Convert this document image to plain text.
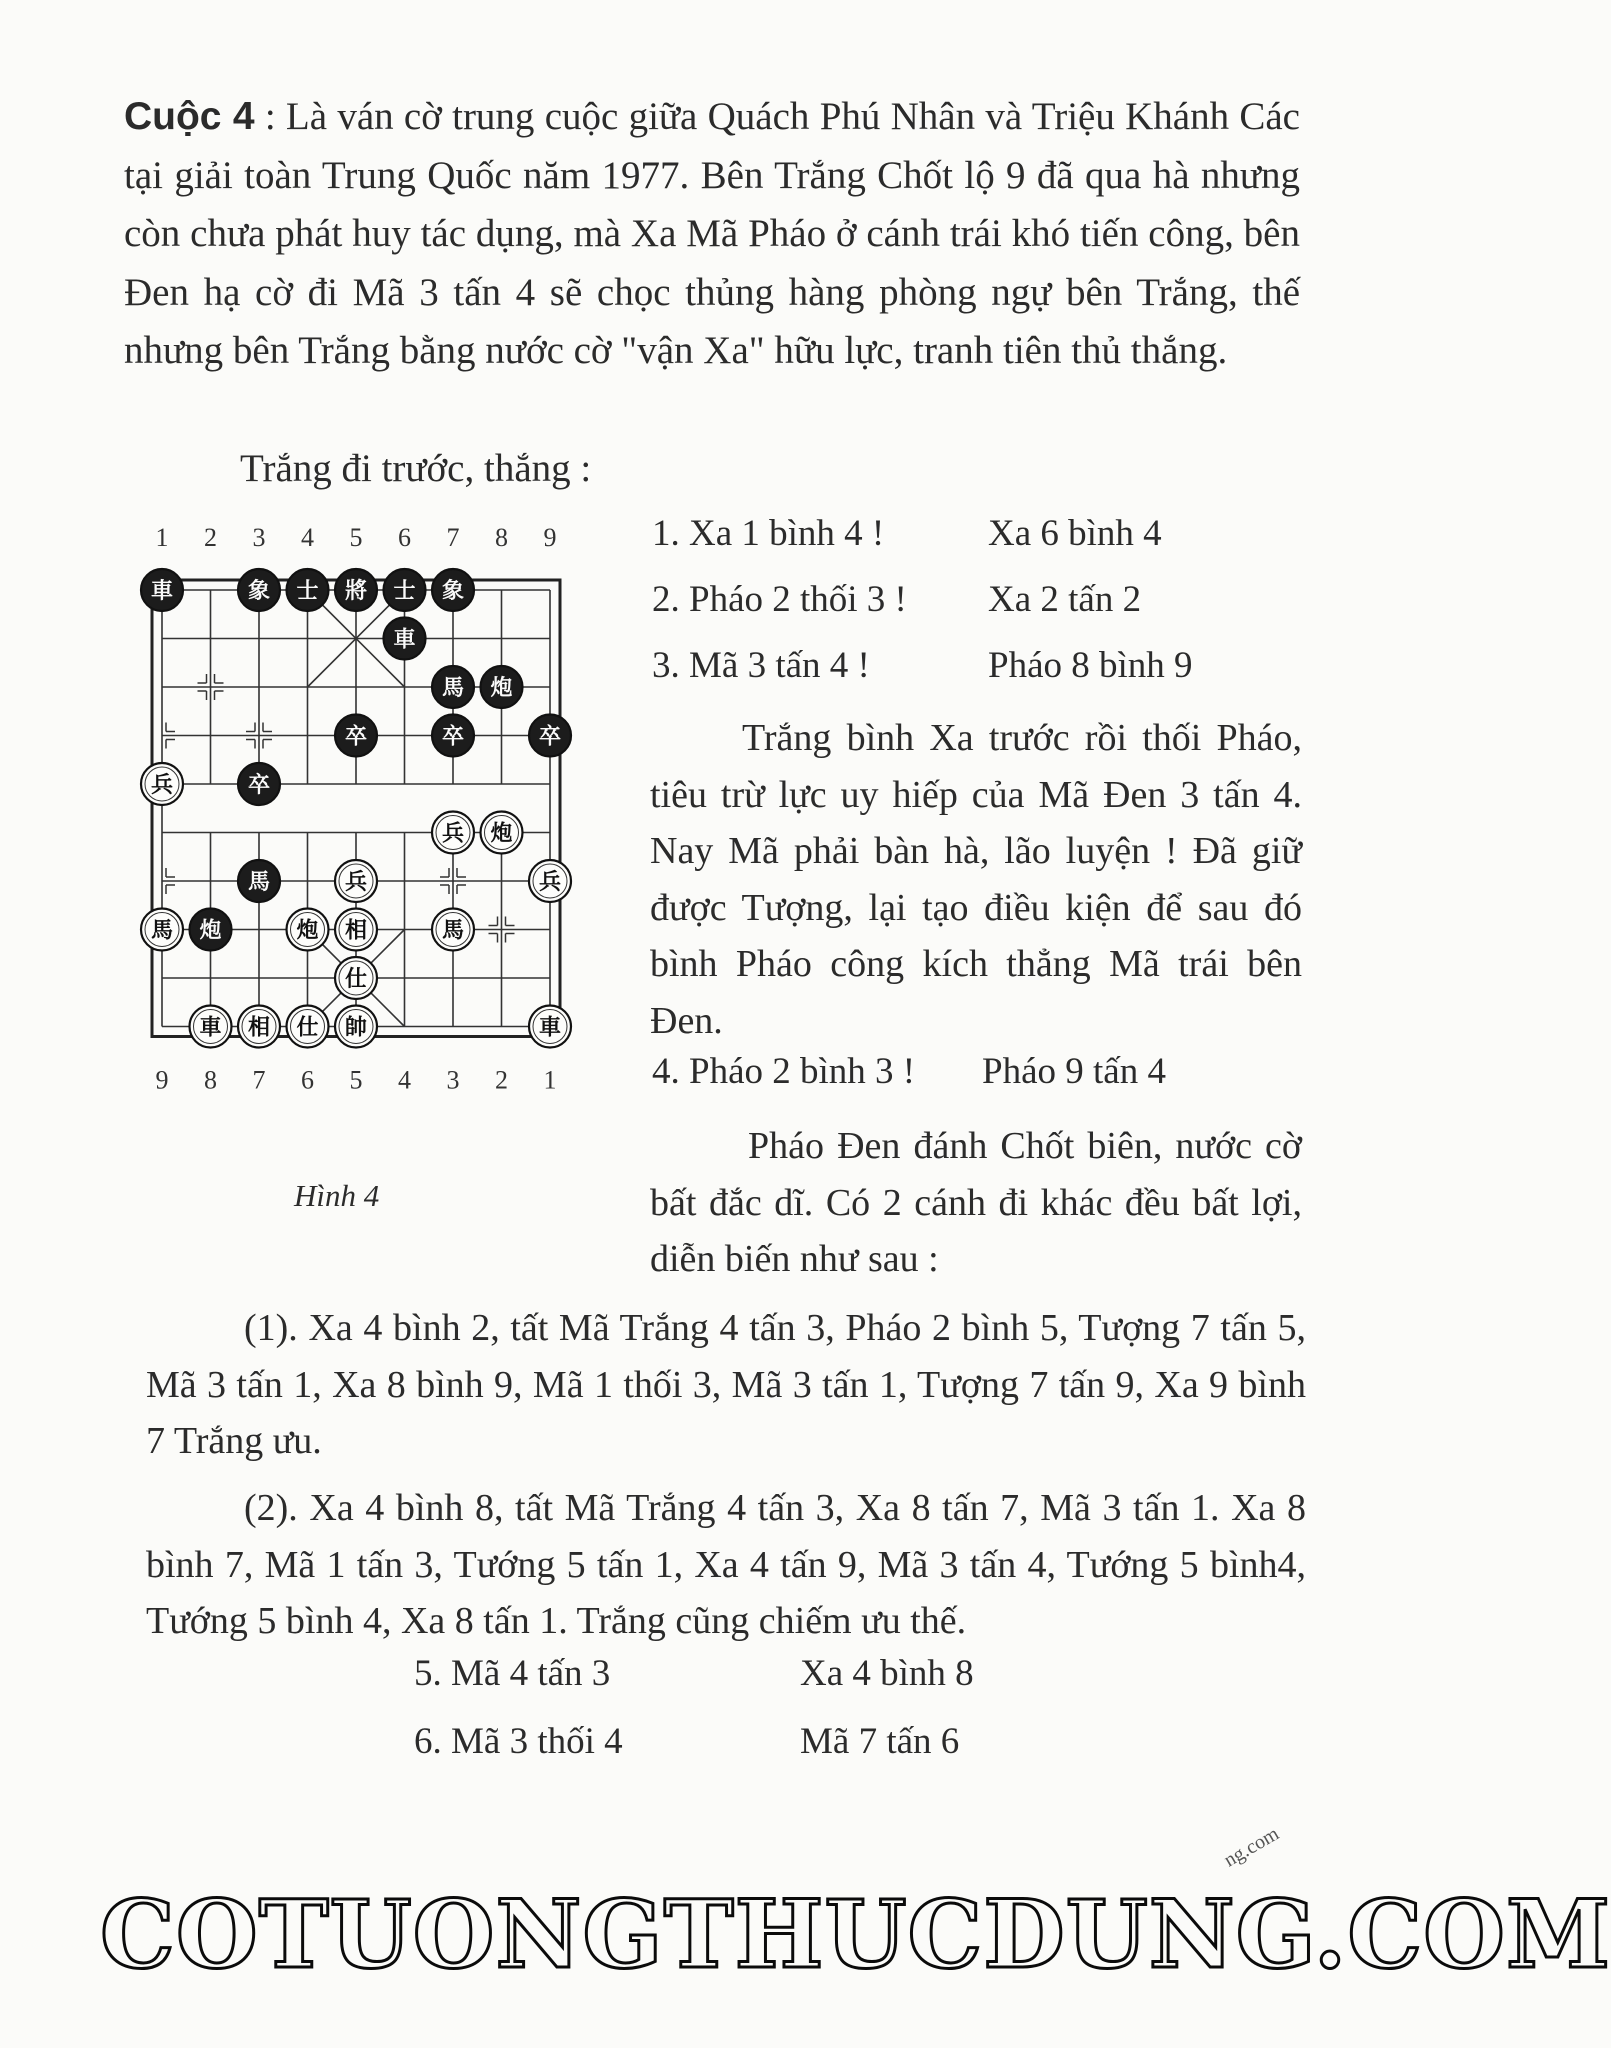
Cuộc 4 : Là ván cờ trung cuộc giữa Quách Phú Nhân và Triệu Khánh Các tại giải toàn Trung Quốc năm 1977. Bên Trắng Chốt lộ 9 đã qua hà nhưng còn chưa phát huy tác dụng, mà Xa Mã Pháo ở cánh trái khó tiến công, bên Đen hạ cờ đi Mã 3 tấn 4 sẽ chọc thủng hàng phòng ngự bên Trắng, thế nhưng bên Trắng bằng nước cờ "vận Xa" hữu lực, tranh tiên thủ thắng.

Trắng đi trước, thắng :
1. Xa 1 bình 4 !	Xa 6 bình 4
2. Pháo 2 thối 3 ! Xa 2 tấn 2
3. Mã 3 tấn 4 !	Pháo 8 bình 9

Trắng bình Xa trước rồi thối Pháo, tiêu trừ lực uy hiếp của Mã Đen 3 tấn 4. Nay Mã phải bàn hà, lão luyện ! Đã giữ được Tượng, lại tạo điều kiện để sau đó bình Pháo công kích thẳng Mã trái bên Đen.

4. Pháo 2 bình 3 ! Pháo 9 tấn 4

Pháo Đen đánh Chốt biên, nước cờ bất đắc dĩ. Có 2 cánh đi khác đều bất lợi, diễn biến như sau :

(1). Xa 4 bình 2, tất Mã Trắng 4 tấn 3, Pháo 2 bình 5, Tượng 7 tấn 5, Mã 3 tấn 1, Xa 8 bình 9, Mã 1 thối 3, Mã 3 tấn 1, Tượng 7 tấn 9, Xa 9 bình 7 Trắng ưu.

(2). Xa 4 bình 8, tất Mã Trắng 4 tấn 3, Xa 8 tấn 7, Mã 3 tấn 1. Xa 8 bình 7, Mã 1 tấn 3, Tướng 5 tấn 1, Xa 4 tấn 9, Mã 3 tấn 4, Tướng 5 bình4, Tướng 5 bình 4, Xa 8 tấn 1. Trắng cũng chiếm ưu thế.

5. Mã 4 tấn 3	Xa 4 bình 8
6. Mã 3 thối 4	Mã 7 tấn 6
1 2 3 4 5 6 7 8 9
9 8 7 6 5 4 3 2 1
車	象 士 將 士 象
車
馬
卒	卒	卒
卒
馬
炮
炮
兵
兵 炮
兵	兵
馬	炮 相	馬
仕
車 相 仕 帥	車
Hình 4
COTUONGTHUCDUNG.COM
ng.com
